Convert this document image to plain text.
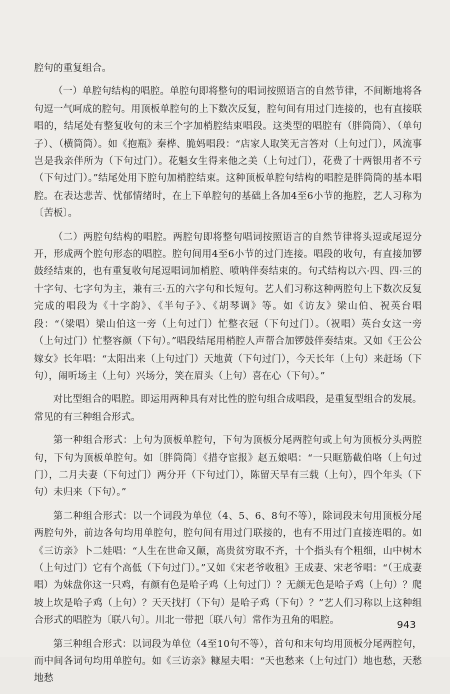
腔句的重复组合。

（一）单腔句结构的唱腔。单腔句即将整句的唱词按照语言的自然节律，不间断地将各句逗一气呵成的腔句。用顶板单腔句的上下数次反复，腔句间有用过门连接的，也有直接联唱的，结尾处有整复收句的末三个字加梢腔结束唱段。这类型的唱腔有（胖筒筒）、（单句子）、（横筒筒）。如《抱瓶》秦桦、脆妈唱段：“店家人取笑无言答对（上句过门），风流事岂是我亲伴所为（下句过门）。花魁女生得来他之美（上句过门），花费了十两银用者不亏（下句过门）。”结尾处用下腔句加梢腔结束。这种顶板单腔句结构的唱腔是胖筒筒的基本唱腔。在表达悲苦、忧郁情绪时，在上下单腔句的基础上各加4至6小节的拖腔，艺人习称为〔苦板〕。

（二）两腔句结构的唱腔。两腔句即将整句唱词按照语言的自然节律将头逗或尾逗分开，形成两个腔句形态的唱腔。腔句间用4至6小节的过门连接。唱段的收句，有直接加锣鼓经结束的，也有重复收句尾逗唱词加梢腔、喷呐伴奏结束的。句式结构以六·四、四·三的十字句、七字句为主，兼有三·五的六字句和长短句。艺人们习称这种两腔句上下数次反复完成的唱段为《十字韵》、《半句子》、《胡琴调》等。如《访友》梁山伯、祝英台唱段：“（梁唱）梁山伯这一旁（上句过门）忙整衣冠（下句过门）。（祝唱）英台女这一旁（上句过门）忙整容颜（下句）。”唱段结尾用梢腔人声帮合加锣鼓伴奏结束。又如《王公公嫁女》长年唱：“太阳出来（上句过门）天地黄（下句过门），今天长年（上句）来赶场（下句），闹听场主（上句）兴场分，笑在眉头（上句）喜在心（下句）。”

对比型组合的唱腔。即运用两种具有对比性的腔句组合成唱段，是重复型组合的发展。常见的有三种组合形式。

第一种组合形式：上句为顶板单腔句，下句为顶板分尾两腔句或上句为顶板分头两腔句，下句为顶板单腔句。如〔胖筒筒〕《措夺宦报》赵五娘唱：“一只眶筋截伯咯（上句过门），二月夫妻（下句过门）两分开（下句过门），陈留天旱有三载（上句），四个年头（下句）未归来（下句）。”

第二种组合形式：以一个词段为单位（4、5、6、8句不等），除词段末句用顶板分尾两腔句外，前边各句均用单腔句，腔句间有用过门联接的，也有不用过门直接连唱的。如《三访亲》卜二娃唱：“人生在世命又颠，高贵贫穷取不齐，十个指头有个粗细，山中树木（上句过门）它有个高低（下句过门）。”又如《宋老爷收租》王成妻、宋老爷唱：“（王成妻唱）为妹盘你这一只鸡，有颜有色是哈子鸡（上句过门）？无颜无色是哈子鸡（上句）？爬坡上坎是哈子鸡（上句）？天天找打（下句）是哈子鸡（下句）？”艺人们习称以上这种组合形式的唱腔为〔联八句〕。川北一带把〔联八句〕常作为丑角的唱腔。

第三种组合形式：以词段为单位（4至10句不等），首句和末句均用顶板分尾两腔句，而中间各词句均用单腔句。如《三访亲》糠屋夫唱：“天也愁来（上句过门）地也愁，天愁地愁

943
